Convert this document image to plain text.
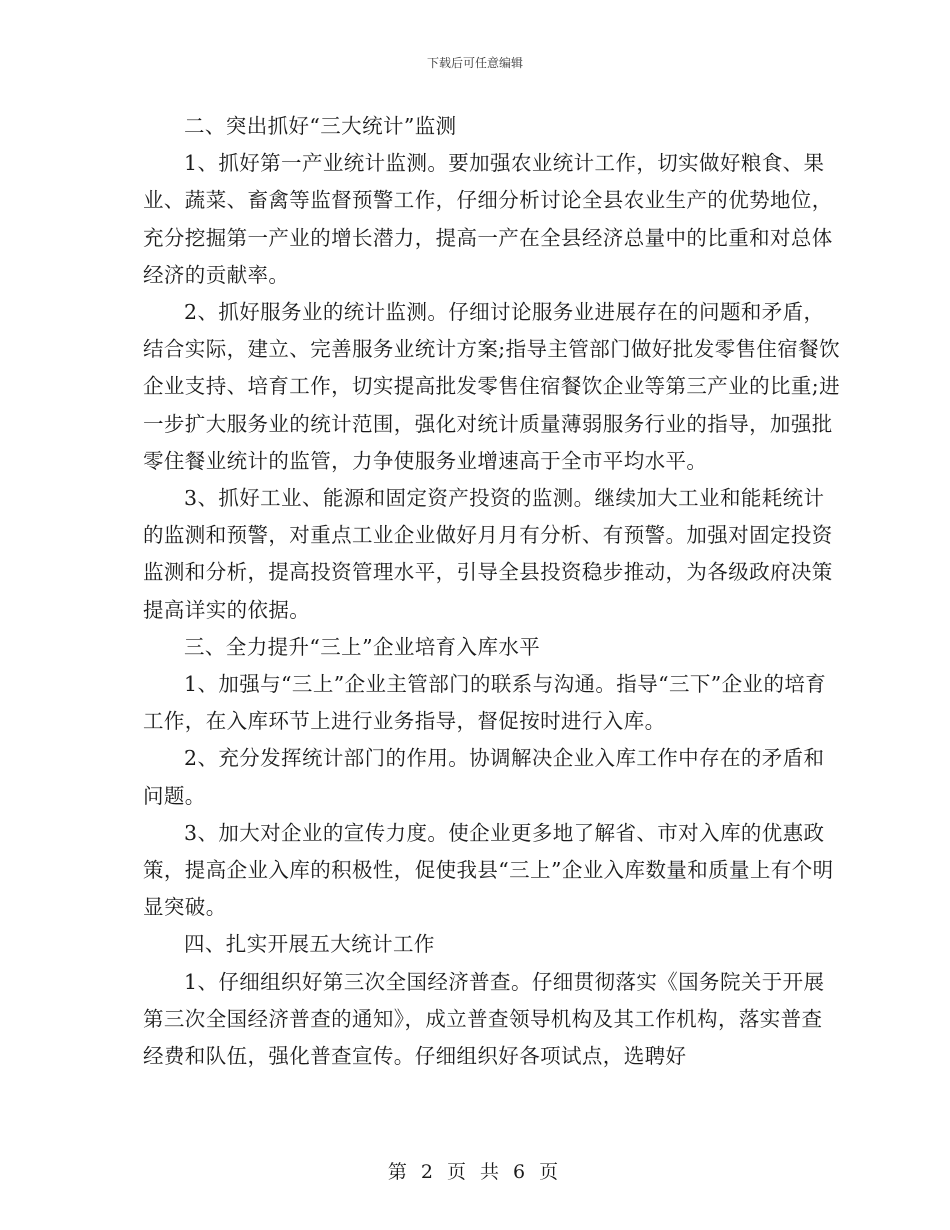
下载后可任意编辑

二、突出抓好“三大统计”监测

1、抓好第一产业统计监测。要加强农业统计工作，切实做好粮食、果业、蔬菜、畜禽等监督预警工作，仔细分析讨论全县农业生产的优势地位，充分挖掘第一产业的增长潜力，提高一产在全县经济总量中的比重和对总体经济的贡献率。

2、抓好服务业的统计监测。仔细讨论服务业进展存在的问题和矛盾，结合实际，建立、完善服务业统计方案;指导主管部门做好批发零售住宿餐饮企业支持、培育工作，切实提高批发零售住宿餐饮企业等第三产业的比重;进一步扩大服务业的统计范围，强化对统计质量薄弱服务行业的指导，加强批零住餐业统计的监管，力争使服务业增速高于全市平均水平。

3、抓好工业、能源和固定资产投资的监测。继续加大工业和能耗统计的监测和预警，对重点工业企业做好月月有分析、有预警。加强对固定投资监测和分析，提高投资管理水平，引导全县投资稳步推动，为各级政府决策提高详实的依据。

三、全力提升“三上”企业培育入库水平

1、加强与“三上”企业主管部门的联系与沟通。指导“三下”企业的培育工作，在入库环节上进行业务指导，督促按时进行入库。

2、充分发挥统计部门的作用。协调解决企业入库工作中存在的矛盾和问题。

3、加大对企业的宣传力度。使企业更多地了解省、市对入库的优惠政策，提高企业入库的积极性，促使我县“三上”企业入库数量和质量上有个明显突破。

四、扎实开展五大统计工作

1、仔细组织好第三次全国经济普查。仔细贯彻落实《国务院关于开展第三次全国经济普查的通知》，成立普查领导机构及其工作机构，落实普查经费和队伍，强化普查宣传。仔细组织好各项试点，选聘好

第 2 页 共 6 页
